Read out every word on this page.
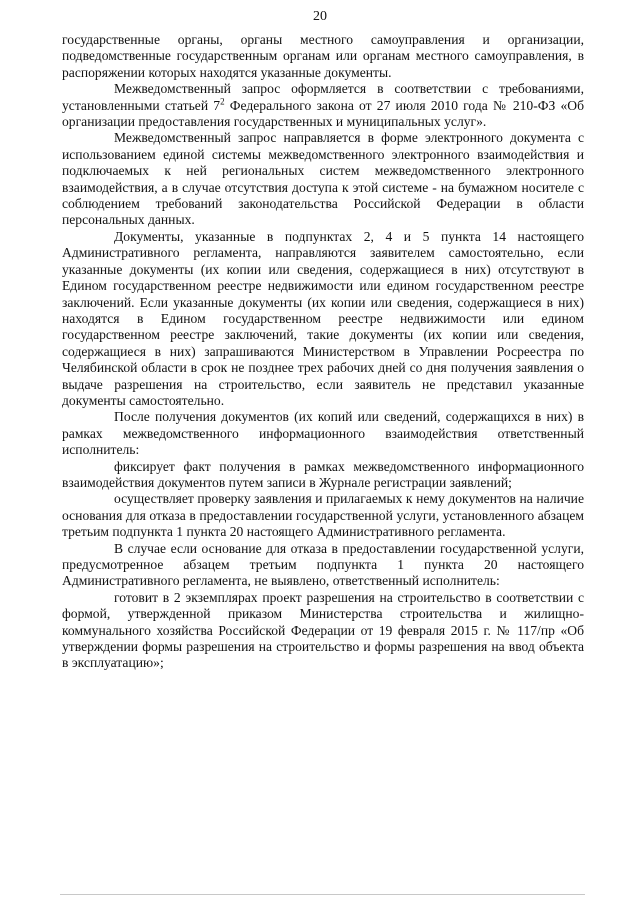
20

государственные органы, органы местного самоуправления и организации, подведомственные государственным органам или органам местного самоуправления, в распоряжении которых находятся указанные документы.

Межведомственный запрос оформляется в соответствии с требованиями, установленными статьей $7^2$ Федерального закона от 27 июля 2010 года № 210-ФЗ «Об организации предоставления государственных и муниципальных услуг».

Межведомственный запрос направляется в форме электронного документа с использованием единой системы межведомственного электронного взаимодействия и подключаемых к ней региональных систем межведомственного электронного взаимодействия, а в случае отсутствия доступа к этой системе - на бумажном носителе с соблюдением требований законодательства Российской Федерации в области персональных данных.

Документы, указанные в подпунктах 2, 4 и 5 пункта 14 настоящего Административного регламента, направляются заявителем самостоятельно, если указанные документы (их копии или сведения, содержащиеся в них) отсутствуют в Едином государственном реестре недвижимости или едином государственном реестре заключений. Если указанные документы (их копии или сведения, содержащиеся в них) находятся в Едином государственном реестре недвижимости или едином государственном реестре заключений, такие документы (их копии или сведения, содержащиеся в них) запрашиваются Министерством в Управлении Росреестра по Челябинской области в срок не позднее трех рабочих дней со дня получения заявления о выдаче разрешения на строительство, если заявитель не представил указанные документы самостоятельно.

После получения документов (их копий или сведений, содержащихся в них) в рамках межведомственного информационного взаимодействия ответственный исполнитель:

фиксирует факт получения в рамках межведомственного информационного взаимодействия документов путем записи в Журнале регистрации заявлений;

осуществляет проверку заявления и прилагаемых к нему документов на наличие основания для отказа в предоставлении государственной услуги, установленного абзацем третьим подпункта 1 пункта 20 настоящего Административного регламента.

В случае если основание для отказа в предоставлении государственной услуги, предусмотренное абзацем третьим подпункта 1 пункта 20 настоящего Административного регламента, не выявлено, ответственный исполнитель:

готовит в 2 экземплярах проект разрешения на строительство в соответствии с формой, утвержденной приказом Министерства строительства и жилищно-коммунального хозяйства Российской Федерации от 19 февраля 2015 г. № 117/пр «Об утверждении формы разрешения на строительство и формы разрешения на ввод объекта в эксплуатацию»;
